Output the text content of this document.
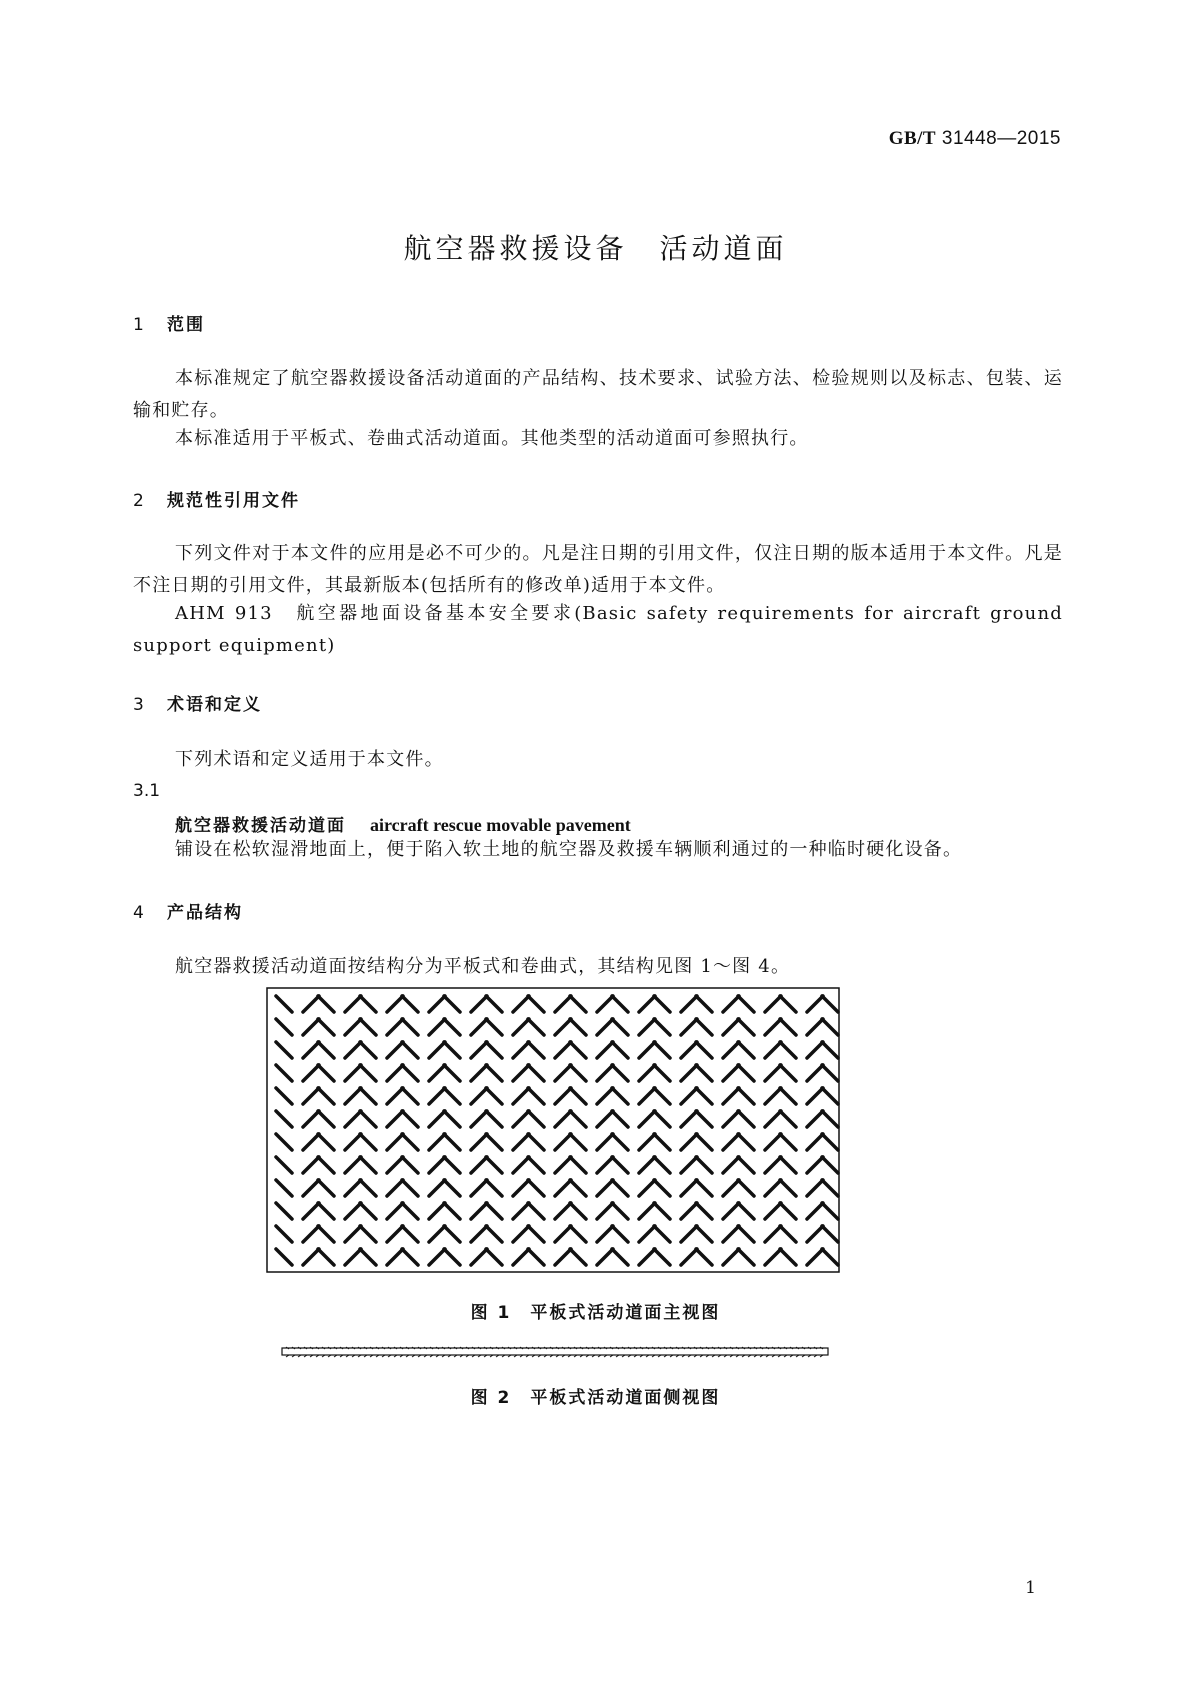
GB/T 31448—2015
航空器救援设备　活动道面
1 范围
本标准规定了航空器救援设备活动道面的产品结构、技术要求、试验方法、检验规则以及标志、包装、运输和贮存。
本标准适用于平板式、卷曲式活动道面。其他类型的活动道面可参照执行。
2 规范性引用文件
下列文件对于本文件的应用是必不可少的。凡是注日期的引用文件，仅注日期的版本适用于本文件。凡是不注日期的引用文件，其最新版本(包括所有的修改单)适用于本文件。
AHM 913　航空器地面设备基本安全要求(Basic safety requirements for aircraft ground support equipment)
3 术语和定义
下列术语和定义适用于本文件。
3.1
航空器救援活动道面 aircraft rescue movable pavement
铺设在松软湿滑地面上，便于陷入软土地的航空器及救援车辆顺利通过的一种临时硬化设备。
4 产品结构
航空器救援活动道面按结构分为平板式和卷曲式，其结构见图 1～图 4。
图 1　平板式活动道面主视图
图 2　平板式活动道面侧视图
1
